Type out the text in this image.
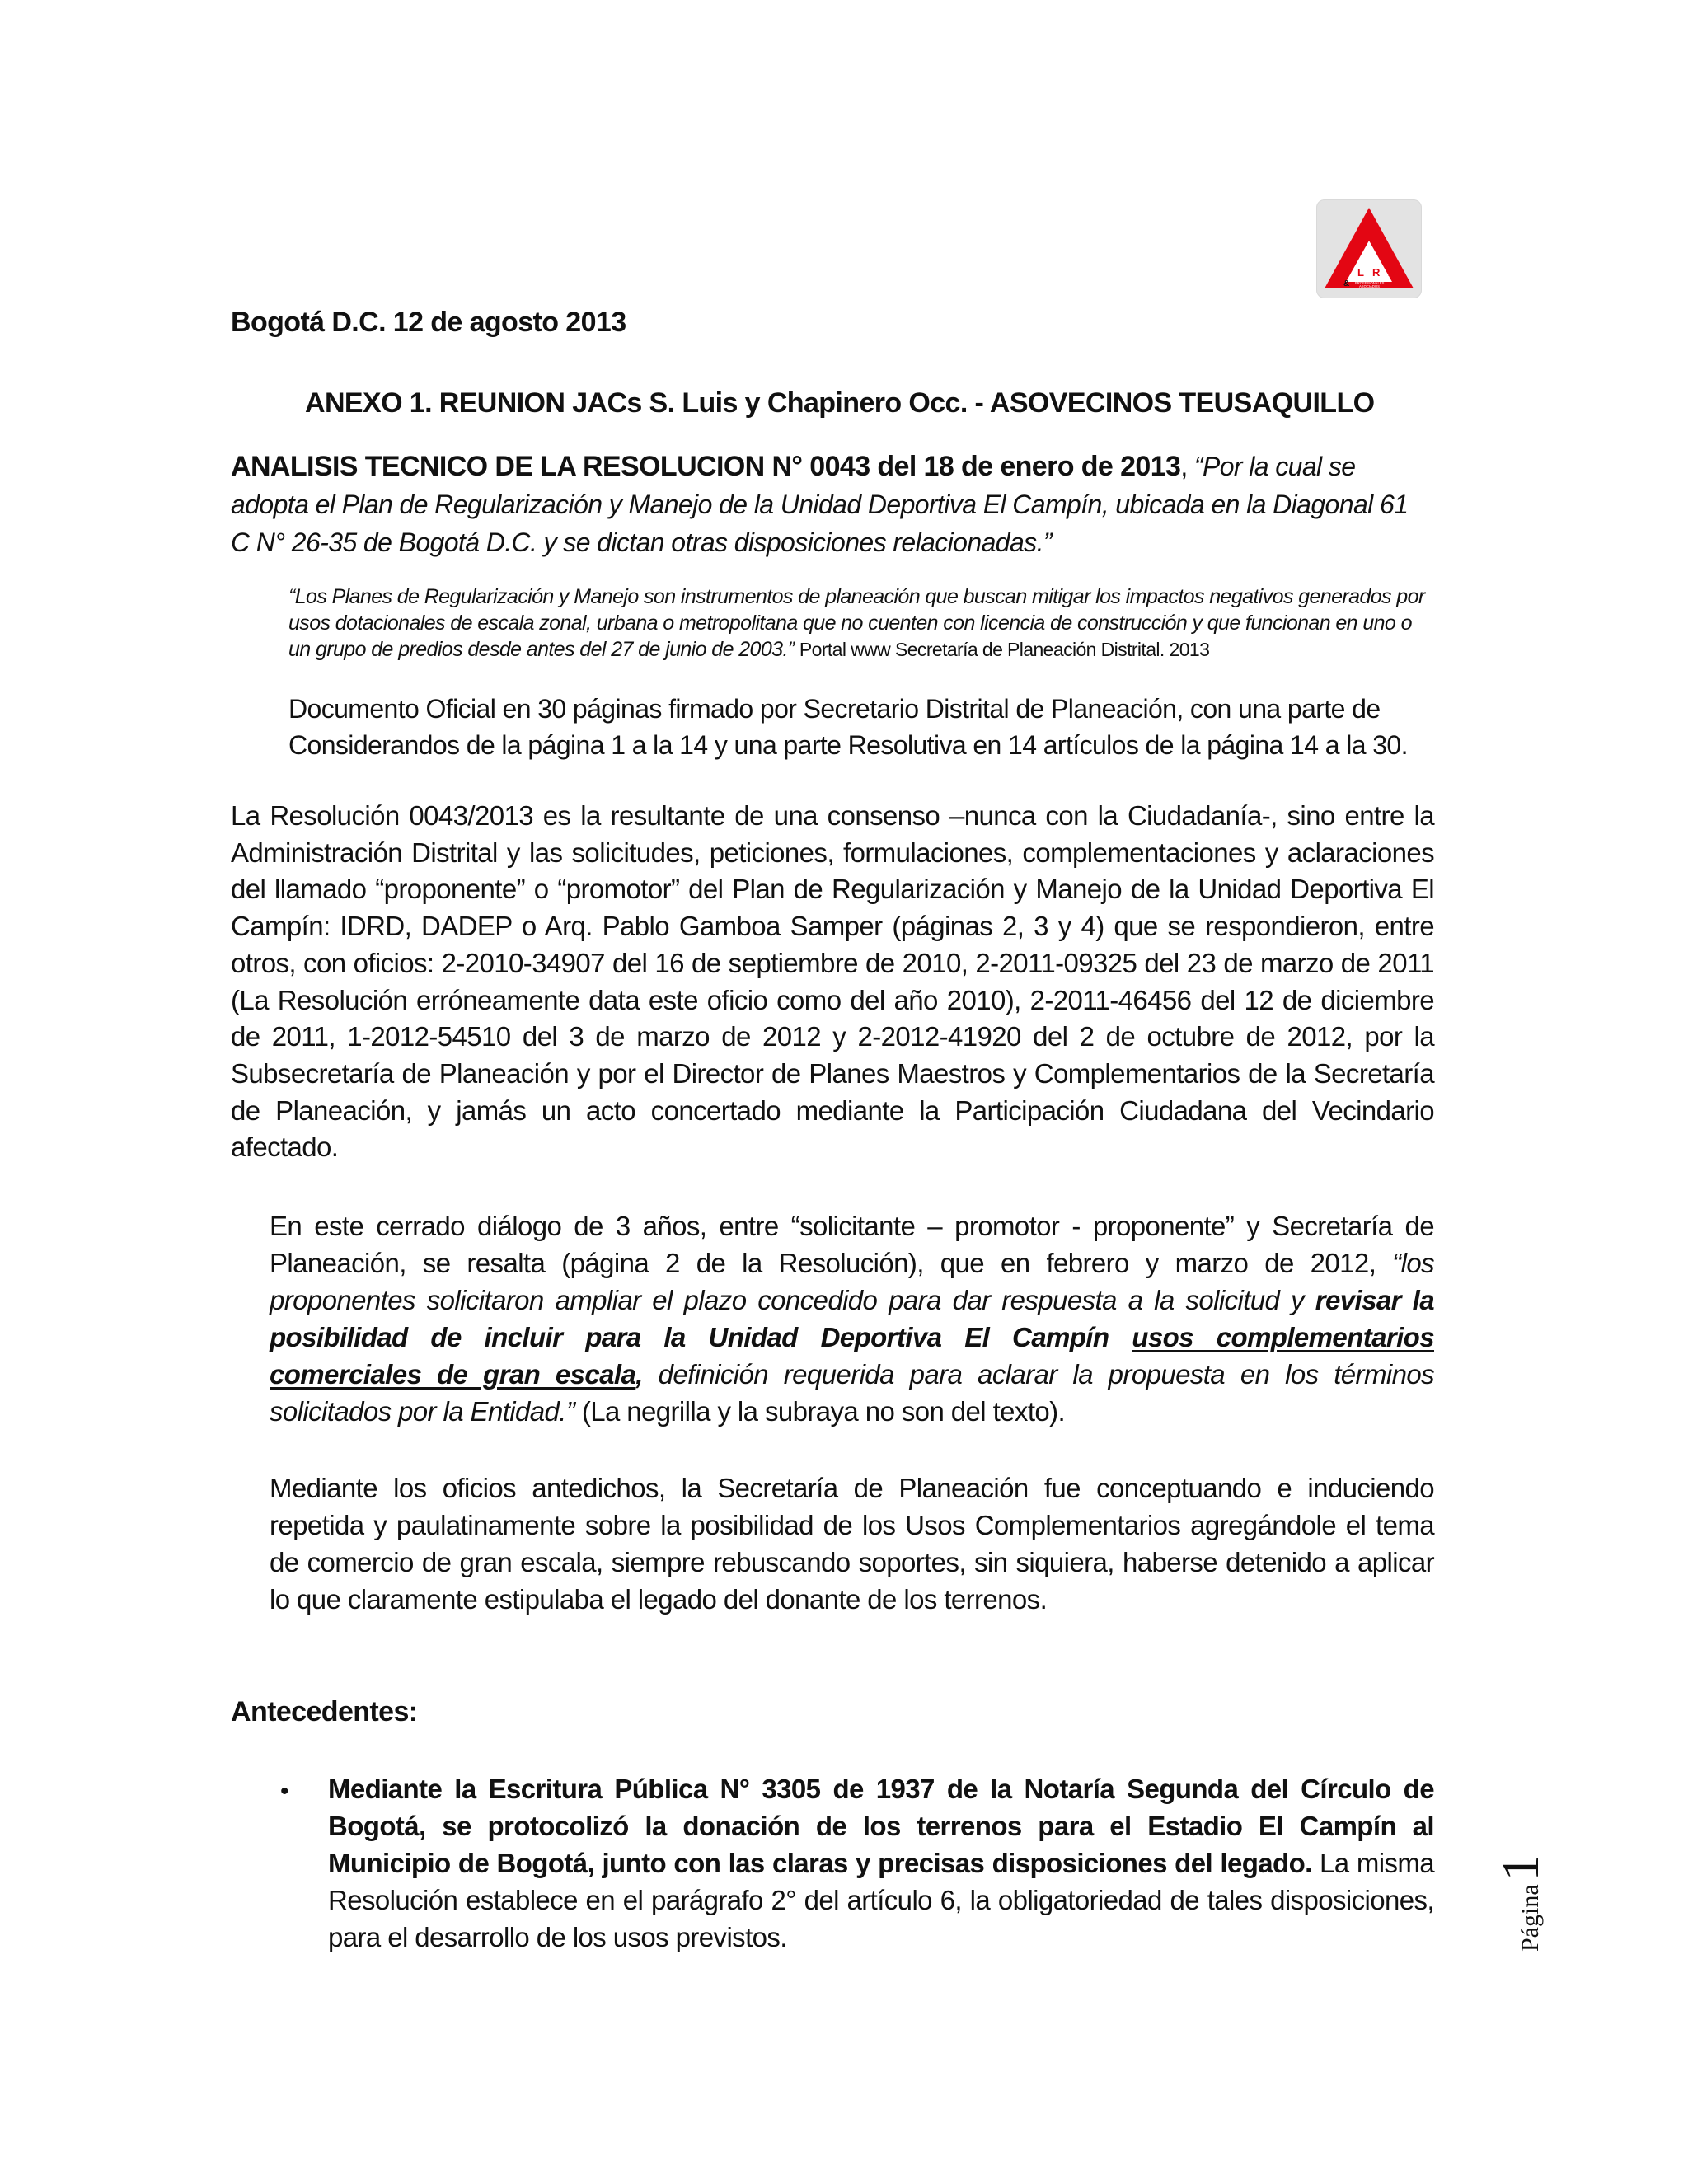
J L R A
& PROFESIONALES
ASOCIADOS
Bogotá D.C. 12 de agosto 2013
ANEXO 1. REUNION JACs S. Luis y Chapinero Occ. - ASOVECINOS TEUSAQUILLO
ANALISIS TECNICO DE LA RESOLUCION N° 0043 del 18 de enero de 2013, “Por la cual se adopta el Plan de Regularización y Manejo de la Unidad Deportiva El Campín, ubicada en la Diagonal 61 C N° 26-35 de Bogotá D.C. y se dictan otras disposiciones relacionadas.”
“Los Planes de Regularización y Manejo son instrumentos de planeación que buscan mitigar los impactos negativos generados por usos dotacionales de escala zonal, urbana o metropolitana que no cuenten con licencia de construcción y que funcionan en uno o un grupo de predios desde antes del 27 de junio de 2003.” Portal www Secretaría de Planeación Distrital. 2013
Documento Oficial en 30 páginas firmado por Secretario Distrital de Planeación, con una parte de Considerandos de la página 1 a la 14 y una parte Resolutiva en 14 artículos de la página 14 a la 30.
La Resolución 0043/2013 es la resultante de una consenso –nunca con la Ciudadanía-, sino entre la Administración Distrital y las solicitudes, peticiones, formulaciones, complementaciones y aclaraciones del llamado “proponente” o “promotor” del Plan de Regularización y Manejo de la Unidad Deportiva El Campín: IDRD, DADEP o Arq. Pablo Gamboa Samper (páginas 2, 3 y 4) que se respondieron, entre otros, con oficios: 2-2010-34907 del 16 de septiembre de 2010, 2-2011-09325 del 23 de marzo de 2011 (La Resolución erróneamente data este oficio como del año 2010), 2-2011-46456 del 12 de diciembre de 2011, 1-2012-54510 del 3 de marzo de 2012 y 2-2012-41920 del 2 de octubre de 2012, por la Subsecretaría de Planeación y por el Director de Planes Maestros y Complementarios de la Secretaría de Planeación, y jamás un acto concertado mediante la Participación Ciudadana del Vecindario afectado.
En este cerrado diálogo de 3 años, entre “solicitante – promotor - proponente” y Secretaría de Planeación, se resalta (página 2 de la Resolución), que en febrero y marzo de 2012, “los proponentes solicitaron ampliar el plazo concedido para dar respuesta a la solicitud y revisar la posibilidad de incluir para la Unidad Deportiva El Campín usos complementarios comerciales de gran escala, definición requerida para aclarar la propuesta en los términos solicitados por la Entidad.” (La negrilla y la subraya no son del texto).
Mediante los oficios antedichos, la Secretaría de Planeación fue conceptuando e induciendo repetida y paulatinamente sobre la posibilidad de los Usos Complementarios agregándole el tema de comercio de gran escala, siempre rebuscando soportes, sin siquiera, haberse detenido a aplicar lo que claramente estipulaba el legado del donante de los terrenos.
Antecedentes:
• Mediante la Escritura Pública N° 3305 de 1937 de la Notaría Segunda del Círculo de Bogotá, se protocolizó la donación de los terrenos para el Estadio El Campín al Municipio de Bogotá, junto con las claras y precisas disposiciones del legado. La misma Resolución establece en el parágrafo 2° del artículo 6, la obligatoriedad de tales disposiciones, para el desarrollo de los usos previstos.	Página1
